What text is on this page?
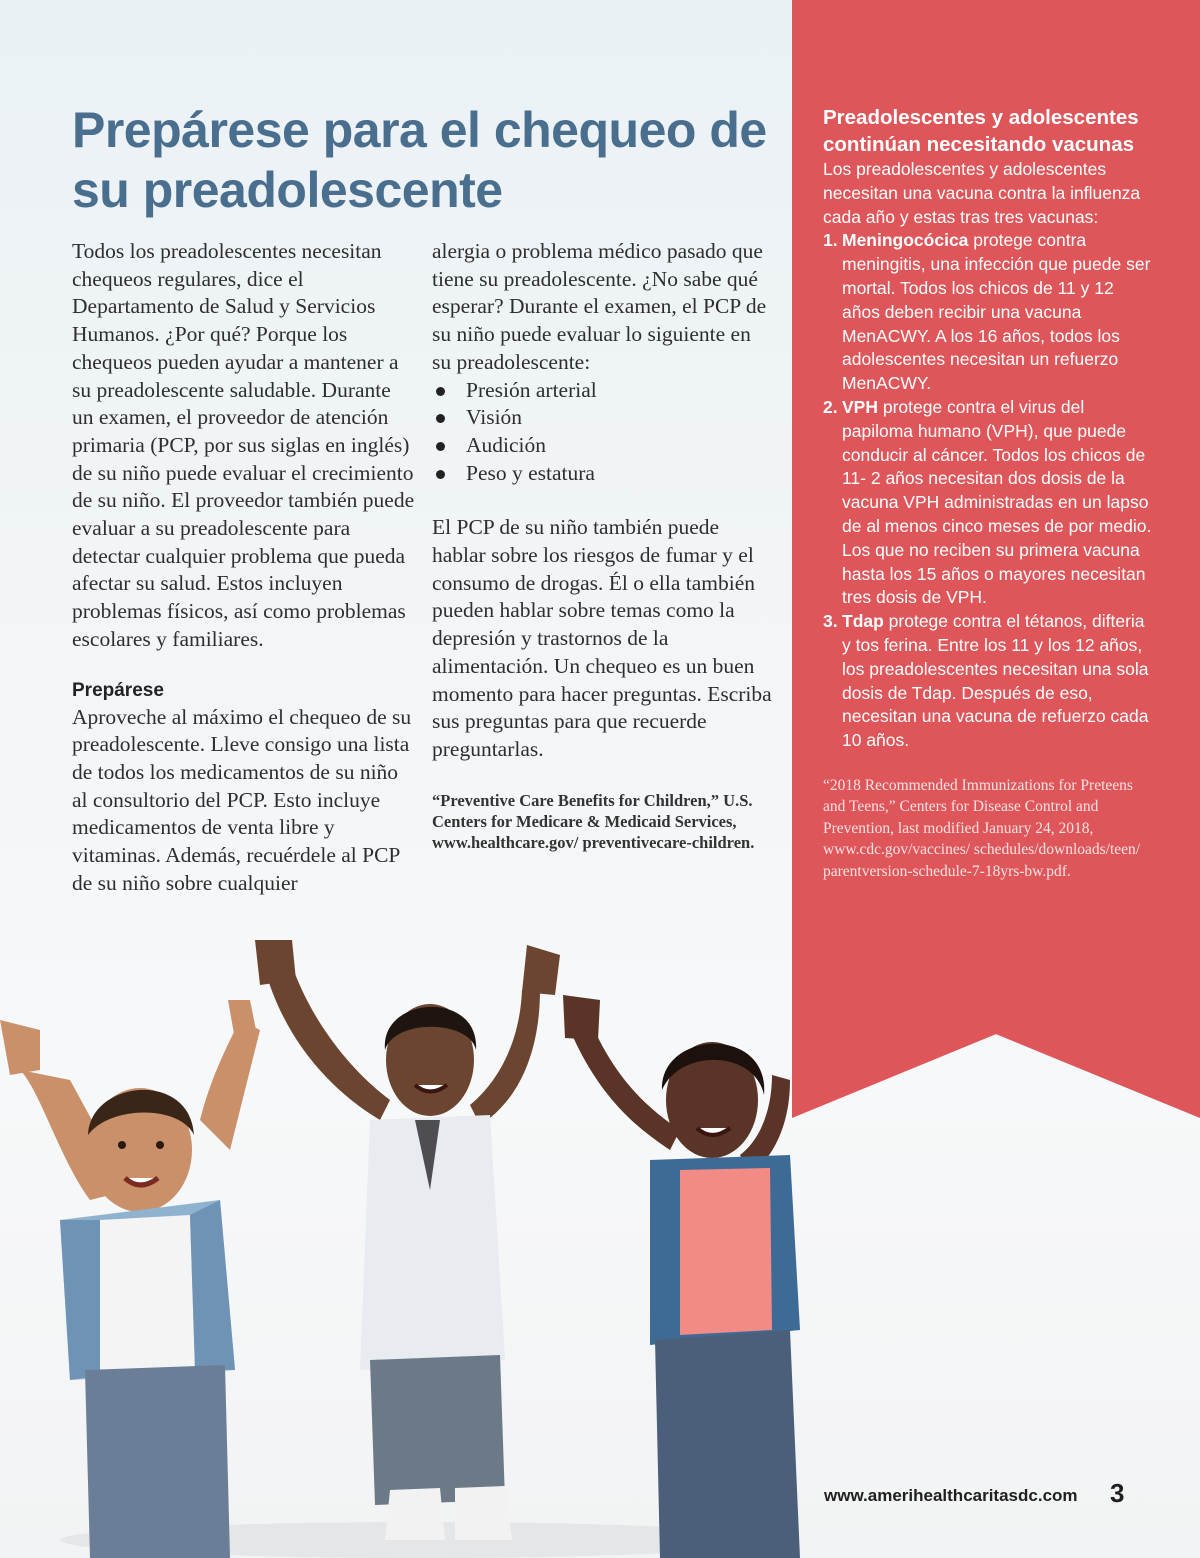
Prepárese para el chequeo de su preadolescente

Todos los preadolescentes necesitan chequeos regulares, dice el Departamento de Salud y Servicios Humanos. ¿Por qué? Porque los chequeos pueden ayudar a mantener a su preadolescente saludable. Durante un examen, el proveedor de atención primaria (PCP, por sus siglas en inglés) de su niño puede evaluar el crecimiento de su niño. El proveedor también puede evaluar a su preadolescente para detectar cualquier problema que pueda afectar su salud. Estos incluyen problemas físicos, así como problemas escolares y familiares.

Prepárese

Aproveche al máximo el chequeo de su preadolescente. Lleve consigo una lista de todos los medicamentos de su niño al consultorio del PCP. Esto incluye medicamentos de venta libre y vitaminas. Además, recuérdele al PCP de su niño sobre cualquier

alergia o problema médico pasado que tiene su preadolescente. ¿No sabe qué esperar? Durante el examen, el PCP de su niño puede evaluar lo siguiente en su preadolescente:

Presión arterial
Visión
Audición
Peso y estatura

El PCP de su niño también puede hablar sobre los riesgos de fumar y el consumo de drogas. Él o ella también pueden hablar sobre temas como la depresión y trastornos de la alimentación. Un chequeo es un buen momento para hacer preguntas. Escriba sus preguntas para que recuerde preguntarlas.

“Preventive Care Benefits for Children,” U.S. Centers for Medicare & Medicaid Services, www.healthcare.gov/ preventivecare-children.

Preadolescentes y adolescentes continúan necesitando vacunas

Los preadolescentes y adolescentes necesitan una vacuna contra la influenza cada año y estas tras tres vacunas:

1. Meningocócica protege contra meningitis, una infección que puede ser mortal. Todos los chicos de 11 y 12 años deben recibir una vacuna MenACWY. A los 16 años, todos los adolescentes necesitan un refuerzo MenACWY.
2. VPH protege contra el virus del papiloma humano (VPH), que puede conducir al cáncer. Todos los chicos de 11- 2 años necesitan dos dosis de la vacuna VPH administradas en un lapso de al menos cinco meses de por medio. Los que no reciben su primera vacuna hasta los 15 años o mayores necesitan tres dosis de VPH.
3. Tdap protege contra el tétanos, difteria y tos ferina. Entre los 11 y los 12 años, los preadolescentes necesitan una sola dosis de Tdap. Después de eso, necesitan una vacuna de refuerzo cada 10 años.

“2018 Recommended Immunizations for Preteens and Teens,” Centers for Disease Control and Prevention, last modified January 24, 2018, www.cdc.gov/vaccines/ schedules/downloads/teen/ parentversion-schedule-7-18yrs-bw.pdf.

www.amerihealthcaritasdc.com 3
